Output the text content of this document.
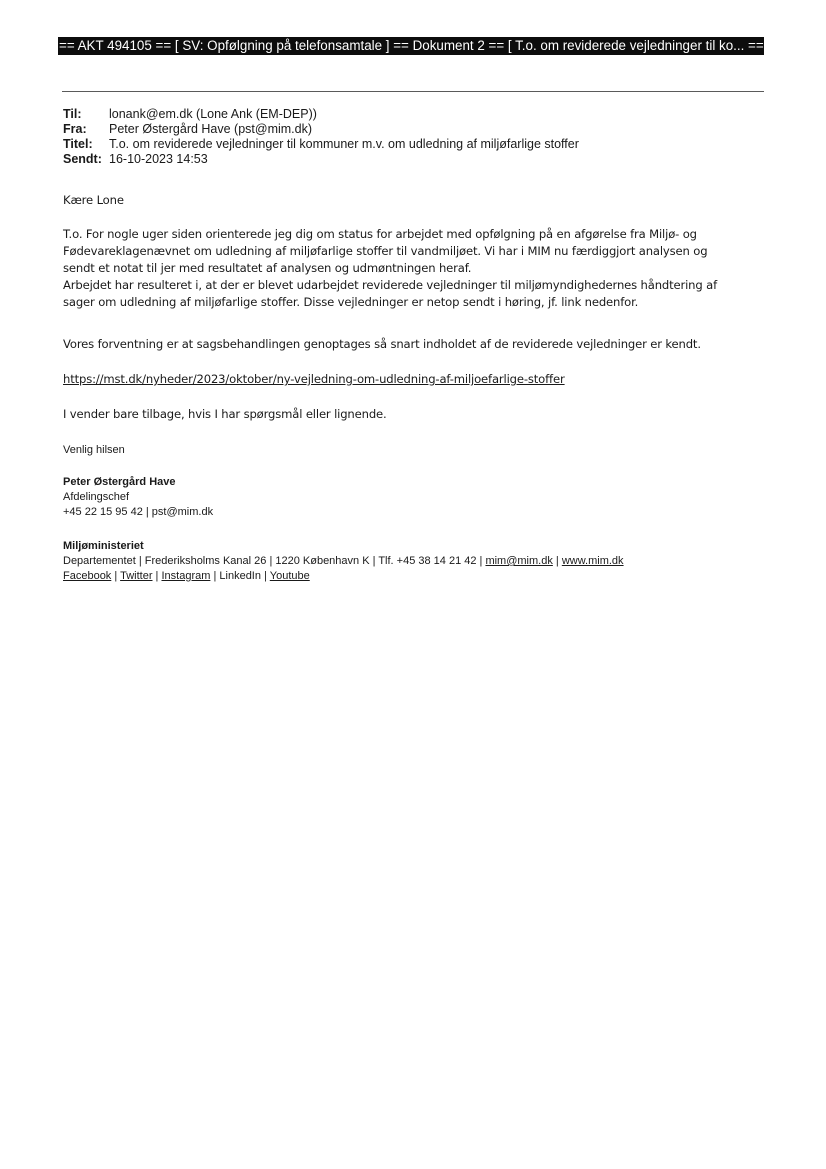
== AKT 494105 == [ SV: Opfølgning på telefonsamtale ] == Dokument 2 == [ T.o. om reviderede vejledninger til ko... ==
Til:	lonank@em.dk (Lone Ank (EM-DEP))
Fra:	Peter Østergård Have (pst@mim.dk)
Titel:	T.o. om reviderede vejledninger til kommuner m.v. om udledning af miljøfarlige stoffer
Sendt: 16-10-2023 14:53
Kære Lone
T.o. For nogle uger siden orienterede jeg dig om status for arbejdet med opfølgning på en afgørelse fra Miljø- og
Fødevareklagenævnet om udledning af miljøfarlige stoffer til vandmiljøet. Vi har i MIM nu færdiggjort analysen og
sendt et notat til jer med resultatet af analysen og udmøntningen heraf.
Arbejdet har resulteret i, at der er blevet udarbejdet reviderede vejledninger til miljømyndighedernes håndtering af
sager om udledning af miljøfarlige stoffer. Disse vejledninger er netop sendt i høring, jf. link nedenfor.
Vores forventning er at sagsbehandlingen genoptages så snart indholdet af de reviderede vejledninger er kendt.
https://mst.dk/nyheder/2023/oktober/ny-vejledning-om-udledning-af-miljoefarlige-stoffer
I vender bare tilbage, hvis I har spørgsmål eller lignende.
Venlig hilsen
Peter Østergård Have
Afdelingschef
+45 22 15 95 42 | pst@mim.dk
Miljøministeriet
Departementet | Frederiksholms Kanal 26 | 1220 København K | Tlf. +45 38 14 21 42 | mim@mim.dk | www.mim.dk
Facebook | Twitter | Instagram | LinkedIn | Youtube
